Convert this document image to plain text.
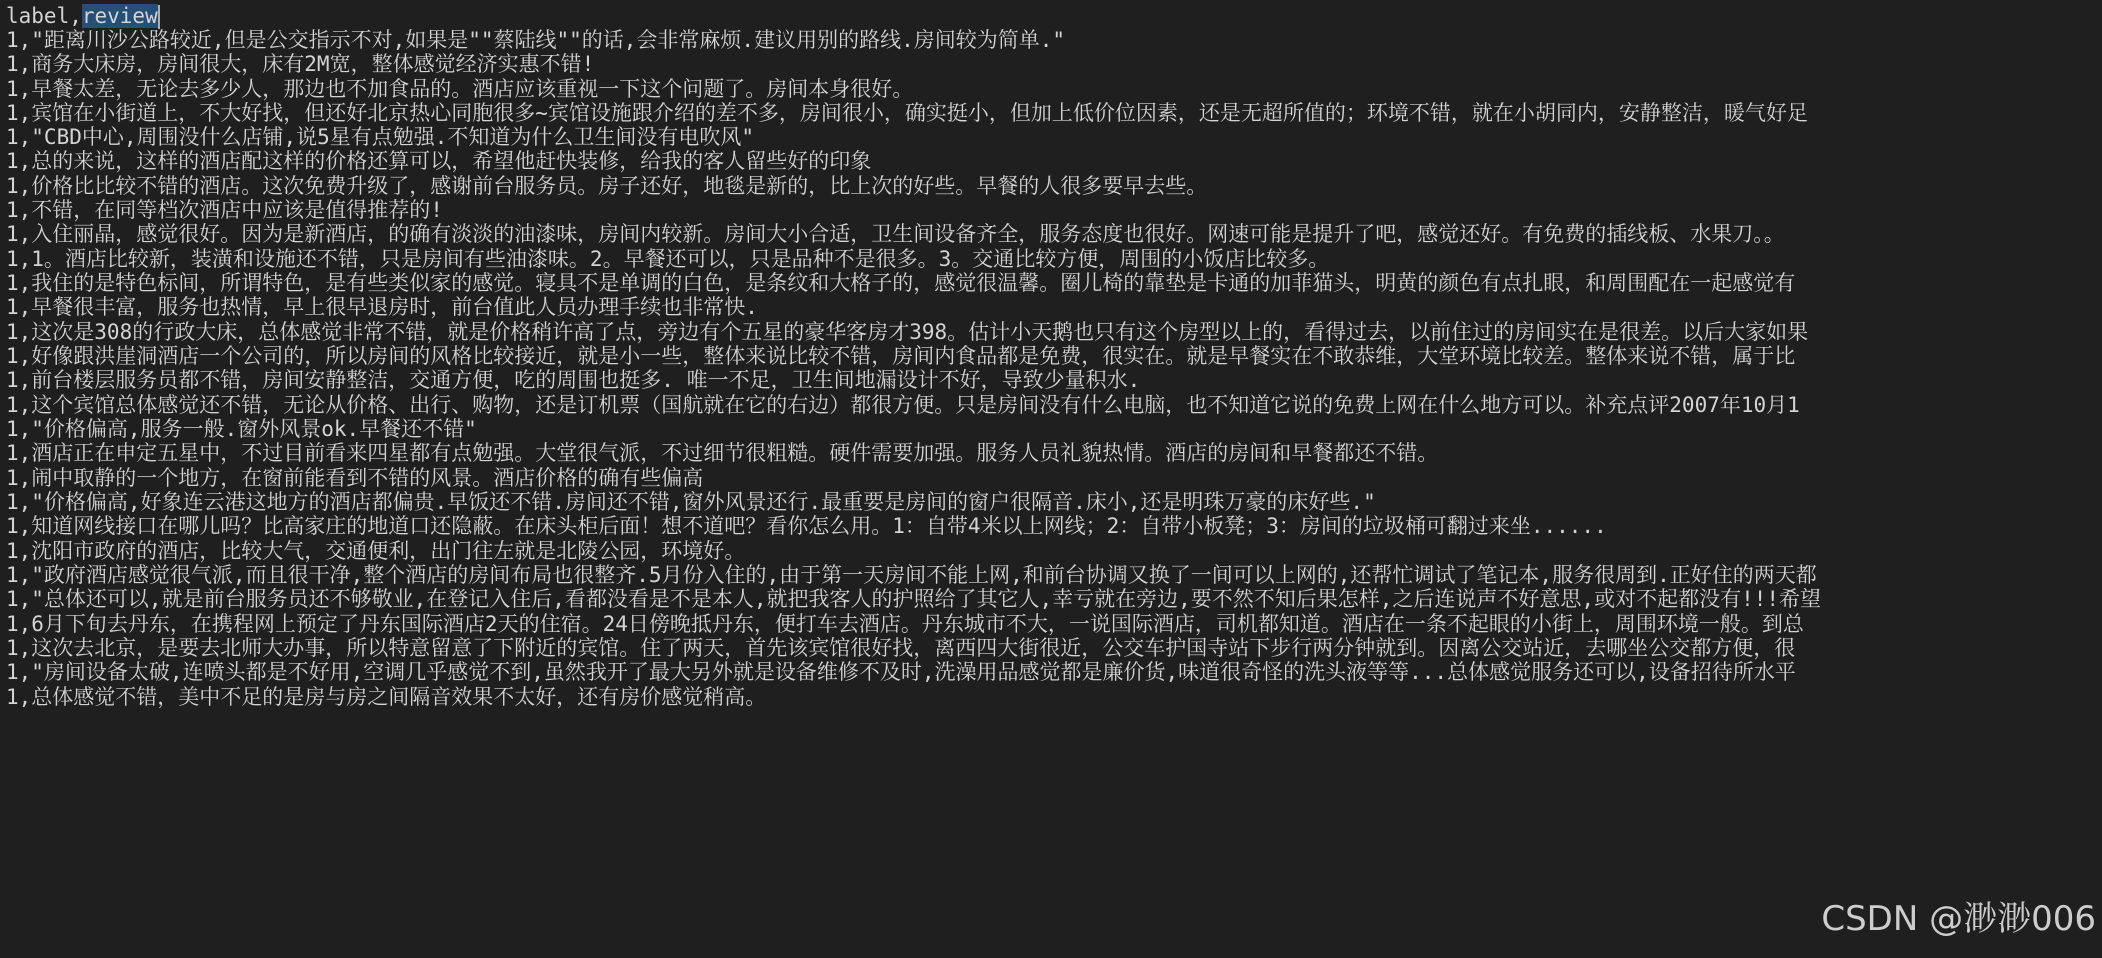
label,review
1,"距离川沙公路较近,但是公交指示不对,如果是""蔡陆线""的话,会非常麻烦.建议用别的路线.房间较为简单."
1,商务大床房，房间很大，床有2M宽，整体感觉经济实惠不错!
1,早餐太差，无论去多少人，那边也不加食品的。酒店应该重视一下这个问题了。房间本身很好。
1,宾馆在小街道上，不大好找，但还好北京热心同胞很多~宾馆设施跟介绍的差不多，房间很小，确实挺小，但加上低价位因素，还是无超所值的；环境不错，就在小胡同内，安静整洁，暖气好足
1,"CBD中心,周围没什么店铺,说5星有点勉强.不知道为什么卫生间没有电吹风"
1,总的来说，这样的酒店配这样的价格还算可以，希望他赶快装修，给我的客人留些好的印象
1,价格比比较不错的酒店。这次免费升级了，感谢前台服务员。房子还好，地毯是新的，比上次的好些。早餐的人很多要早去些。
1,不错，在同等档次酒店中应该是值得推荐的!
1,入住丽晶，感觉很好。因为是新酒店，的确有淡淡的油漆味，房间内较新。房间大小合适，卫生间设备齐全，服务态度也很好。网速可能是提升了吧，感觉还好。有免费的插线板、水果刀。。
1,1。酒店比较新，装潢和设施还不错，只是房间有些油漆味。2。早餐还可以，只是品种不是很多。3。交通比较方便，周围的小饭店比较多。
1,我住的是特色标间，所谓特色，是有些类似家的感觉。寝具不是单调的白色，是条纹和大格子的，感觉很温馨。圈儿椅的靠垫是卡通的加菲猫头，明黄的颜色有点扎眼，和周围配在一起感觉有
1,早餐很丰富，服务也热情，早上很早退房时，前台值此人员办理手续也非常快.
1,这次是308的行政大床，总体感觉非常不错，就是价格稍许高了点，旁边有个五星的豪华客房才398。估计小天鹅也只有这个房型以上的，看得过去，以前住过的房间实在是很差。以后大家如果
1,好像跟洪崖洞酒店一个公司的，所以房间的风格比较接近，就是小一些，整体来说比较不错，房间内食品都是免费，很实在。就是早餐实在不敢恭维，大堂环境比较差。整体来说不错，属于比
1,前台楼层服务员都不错，房间安静整洁，交通方便，吃的周围也挺多. 唯一不足，卫生间地漏设计不好，导致少量积水.
1,这个宾馆总体感觉还不错，无论从价格、出行、购物，还是订机票（国航就在它的右边）都很方便。只是房间没有什么电脑，也不知道它说的免费上网在什么地方可以。补充点评2007年10月1
1,"价格偏高,服务一般.窗外风景ok.早餐还不错"
1,酒店正在申定五星中，不过目前看来四星都有点勉强。大堂很气派，不过细节很粗糙。硬件需要加强。服务人员礼貌热情。酒店的房间和早餐都还不错。
1,闹中取静的一个地方，在窗前能看到不错的风景。酒店价格的确有些偏高
1,"价格偏高,好象连云港这地方的酒店都偏贵.早饭还不错.房间还不错,窗外风景还行.最重要是房间的窗户很隔音.床小,还是明珠万豪的床好些."
1,知道网线接口在哪儿吗？比高家庄的地道口还隐蔽。在床头柜后面！想不道吧？看你怎么用。1：自带4米以上网线；2：自带小板凳；3：房间的垃圾桶可翻过来坐......
1,沈阳市政府的酒店，比较大气，交通便利，出门往左就是北陵公园，环境好。
1,"政府酒店感觉很气派,而且很干净,整个酒店的房间布局也很整齐.5月份入住的,由于第一天房间不能上网,和前台协调又换了一间可以上网的,还帮忙调试了笔记本,服务很周到.正好住的两天都
1,"总体还可以,就是前台服务员还不够敬业,在登记入住后,看都没看是不是本人,就把我客人的护照给了其它人,幸亏就在旁边,要不然不知后果怎样,之后连说声不好意思,或对不起都没有!!!希望
1,6月下旬去丹东，在携程网上预定了丹东国际酒店2天的住宿。24日傍晚抵丹东，便打车去酒店。丹东城市不大，一说国际酒店，司机都知道。酒店在一条不起眼的小街上，周围环境一般。到总
1,这次去北京，是要去北师大办事，所以特意留意了下附近的宾馆。住了两天，首先该宾馆很好找，离西四大街很近，公交车护国寺站下步行两分钟就到。因离公交站近，去哪坐公交都方便，很
1,"房间设备太破,连喷头都是不好用,空调几乎感觉不到,虽然我开了最大另外就是设备维修不及时,洗澡用品感觉都是廉价货,味道很奇怪的洗头液等等...总体感觉服务还可以,设备招待所水平
1,总体感觉不错，美中不足的是房与房之间隔音效果不太好，还有房价感觉稍高。
CSDN @渺渺006
